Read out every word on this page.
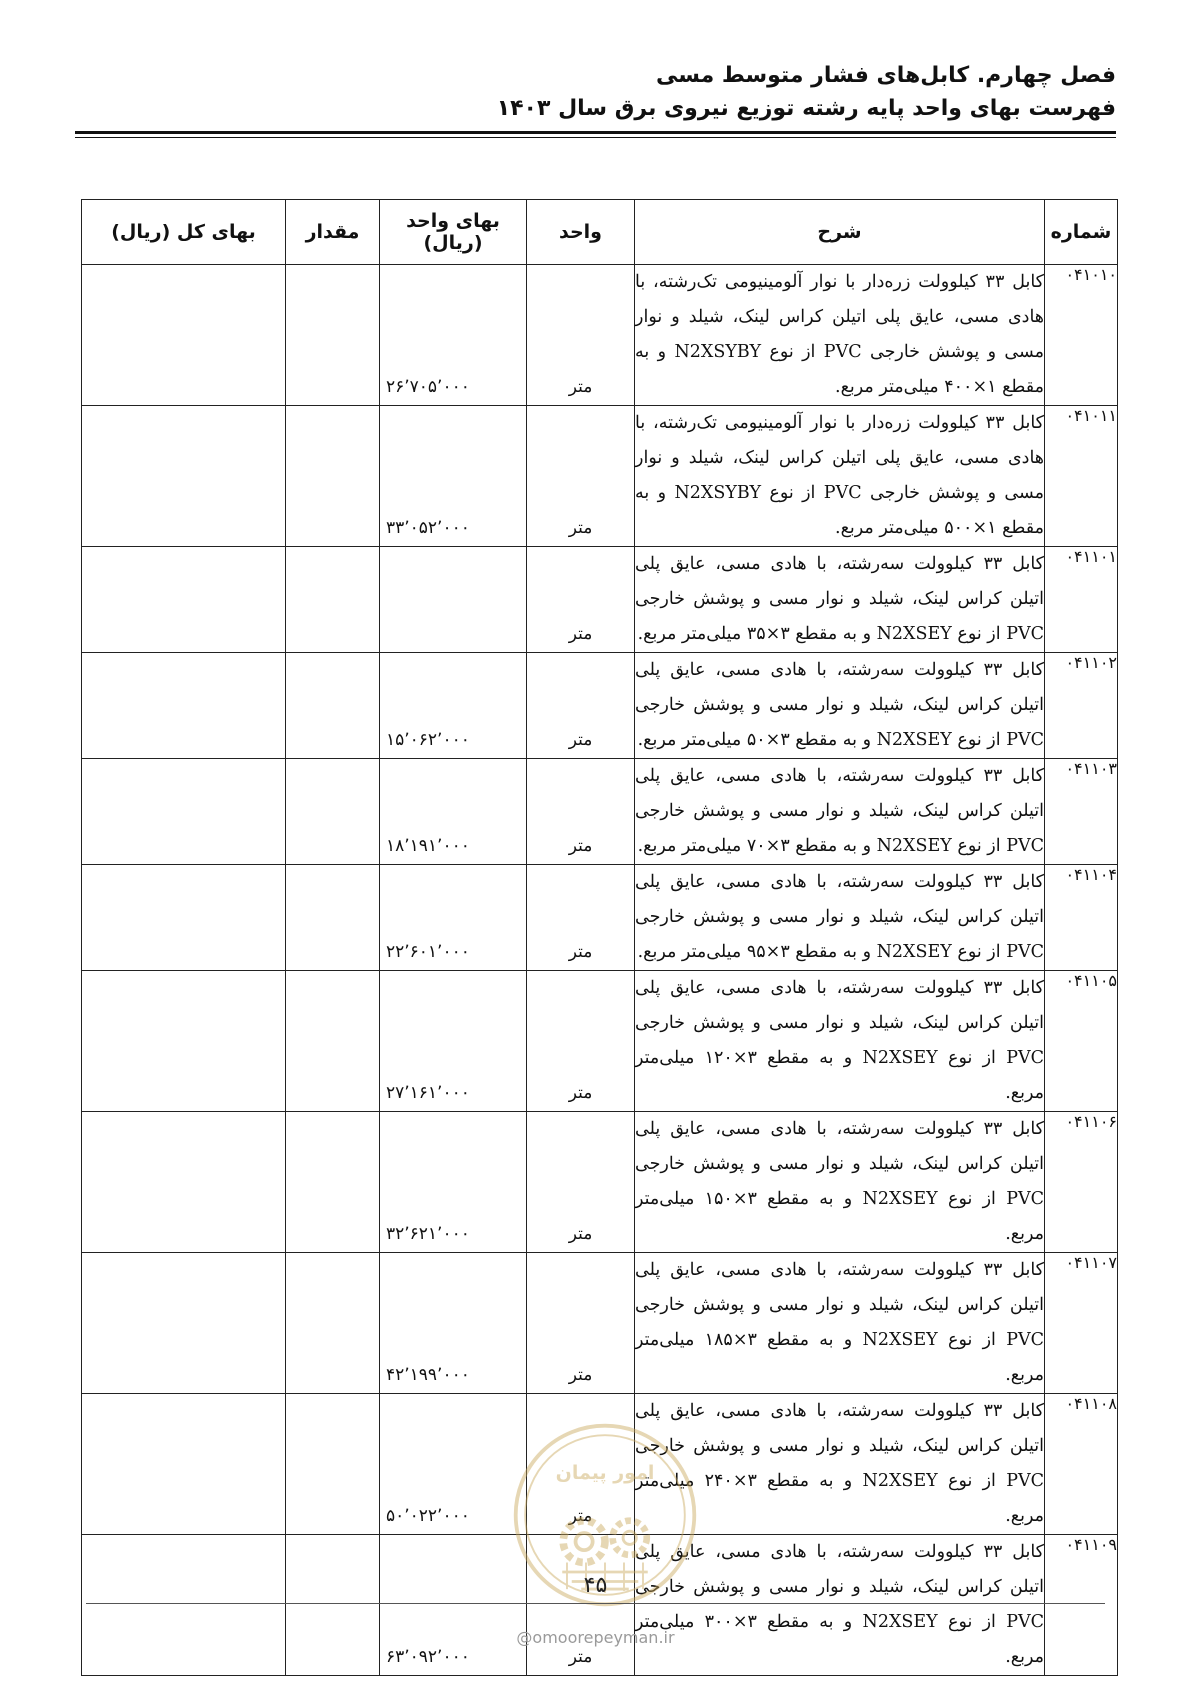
فصل چهارم. کابل‌های فشار متوسط مسی
فهرست بهای واحد پایه رشته توزیع نیروی برق سال ۱۴۰۳
شماره	شرح	واحد	بهای واحد (ریال)	مقدار	بهای کل (ریال)
۰۴۱۰۱۰	کابل ۳۳ کیلوولت زره‌دار با نوار آلومینیومی تک‌رشته، با هادی مسی، عایق پلی اتیلن کراس لینک، شیلد و نوار مسی و پوشش خارجی PVC از نوع N2XSYBY و به مقطع ۱×۴۰۰ میلی‌متر مربع.	متر	۲۶٬۷۰۵٬۰۰۰		
۰۴۱۰۱۱	کابل ۳۳ کیلوولت زره‌دار با نوار آلومینیومی تک‌رشته، با هادی مسی، عایق پلی اتیلن کراس لینک، شیلد و نوار مسی و پوشش خارجی PVC از نوع N2XSYBY و به مقطع ۱×۵۰۰ میلی‌متر مربع.	متر	۳۳٬۰۵۲٬۰۰۰		
۰۴۱۱۰۱	کابل ۳۳ کیلوولت سه‌رشته، با هادی مسی، عایق پلی اتیلن کراس لینک، شیلد و نوار مسی و پوشش خارجی PVC از نوع N2XSEY و به مقطع ۳×۳۵ میلی‌متر مربع.	متر			
۰۴۱۱۰۲	کابل ۳۳ کیلوولت سه‌رشته، با هادی مسی، عایق پلی اتیلن کراس لینک، شیلد و نوار مسی و پوشش خارجی PVC از نوع N2XSEY و به مقطع ۳×۵۰ میلی‌متر مربع.	متر	۱۵٬۰۶۲٬۰۰۰		
۰۴۱۱۰۳	کابل ۳۳ کیلوولت سه‌رشته، با هادی مسی، عایق پلی اتیلن کراس لینک، شیلد و نوار مسی و پوشش خارجی PVC از نوع N2XSEY و به مقطع ۳×۷۰ میلی‌متر مربع.	متر	۱۸٬۱۹۱٬۰۰۰		
۰۴۱۱۰۴	کابل ۳۳ کیلوولت سه‌رشته، با هادی مسی، عایق پلی اتیلن کراس لینک، شیلد و نوار مسی و پوشش خارجی PVC از نوع N2XSEY و به مقطع ۳×۹۵ میلی‌متر مربع.	متر	۲۲٬۶۰۱٬۰۰۰		
۰۴۱۱۰۵	کابل ۳۳ کیلوولت سه‌رشته، با هادی مسی، عایق پلی اتیلن کراس لینک، شیلد و نوار مسی و پوشش خارجی PVC از نوع N2XSEY و به مقطع ۳×۱۲۰ میلی‌متر مربع.	متر	۲۷٬۱۶۱٬۰۰۰		
۰۴۱۱۰۶	کابل ۳۳ کیلوولت سه‌رشته، با هادی مسی، عایق پلی اتیلن کراس لینک، شیلد و نوار مسی و پوشش خارجی PVC از نوع N2XSEY و به مقطع ۳×۱۵۰ میلی‌متر مربع.	متر	۳۲٬۶۲۱٬۰۰۰		
۰۴۱۱۰۷	کابل ۳۳ کیلوولت سه‌رشته، با هادی مسی، عایق پلی اتیلن کراس لینک، شیلد و نوار مسی و پوشش خارجی PVC از نوع N2XSEY و به مقطع ۳×۱۸۵ میلی‌متر مربع.	متر	۴۲٬۱۹۹٬۰۰۰		
۰۴۱۱۰۸	کابل ۳۳ کیلوولت سه‌رشته، با هادی مسی، عایق پلی اتیلن کراس لینک، شیلد و نوار مسی و پوشش خارجی PVC از نوع N2XSEY و به مقطع ۳×۲۴۰ میلی‌متر مربع.	متر	۵۰٬۰۲۲٬۰۰۰		
۰۴۱۱۰۹	کابل ۳۳ کیلوولت سه‌رشته، با هادی مسی، عایق پلی اتیلن کراس لینک، شیلد و نوار مسی و پوشش خارجی PVC از نوع N2XSEY و به مقطع ۳×۳۰۰ میلی‌متر مربع.	متر	۶۳٬۰۹۲٬۰۰۰		
امور پیمان
۴۵
@omoorepeyman.ir
